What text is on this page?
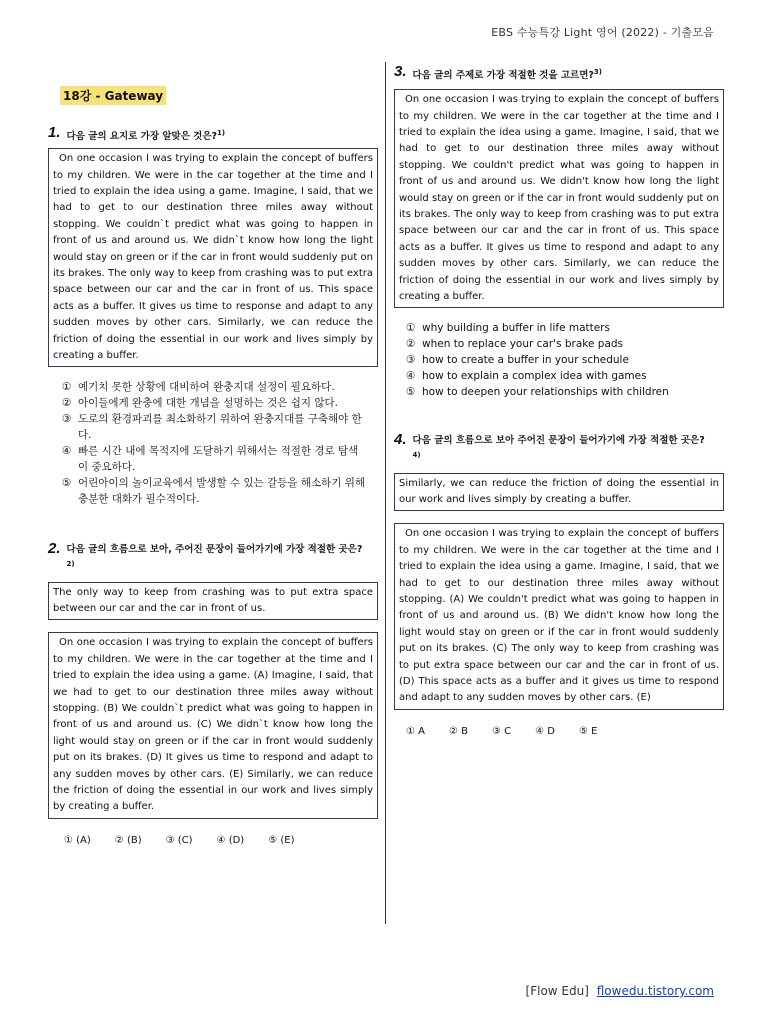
EBS 수능특강 Light 영어 (2022) - 기출모음
18강 - Gateway
1. 다음 글의 요지로 가장 알맞은 것은?$^{1)}$
On one occasion I was trying to explain the concept of buffers to my children. We were in the car together at the time and I tried to explain the idea using a game. Imagine, I said, that we had to get to our destination three miles away without stopping. We couldn`t predict what was going to happen in front of us and around us. We didn`t know how long the light would stay on green or if the car in front would suddenly put on its brakes. The only way to keep from crashing was to put extra space between our car and the car in front of us. This space acts as a buffer. It gives us time to response and adapt to any sudden moves by other cars. Similarly, we can reduce the friction of doing the essential in our work and lives simply by creating a buffer.
① 예기치 못한 상황에 대비하여 완충지대 설정이 필요하다.
② 아이들에게 완충에 대한 개념을 설명하는 것은 쉽지 않다.
③ 도로의 환경파괴를 최소화하기 위하여 완충지대를 구축해야 한다.
④ 빠른 시간 내에 목적지에 도달하기 위해서는 적절한 경로 탐색이 중요하다.
⑤ 어린아이의 놀이교육에서 발생할 수 있는 갈등을 해소하기 위해 충분한 대화가 필수적이다.
2. 다음 글의 흐름으로 보아, 주어진 문장이 들어가기에 가장 적절한 곳은?$^{2)}$
The only way to keep from crashing was to put extra space between our car and the car in front of us.
On one occasion I was trying to explain the concept of buffers to my children. We were in the car together at the time and I tried to explain the idea using a game. (A) Imagine, I said, that we had to get to our destination three miles away without stopping. (B) We couldn`t predict what was going to happen in front of us and around us. (C) We didn`t know how long the light would stay on green or if the car in front would suddenly put on its brakes. (D) It gives us time to respond and adapt to any sudden moves by other cars. (E) Similarly, we can reduce the friction of doing the essential in our work and lives simply by creating a buffer.
① (A) ② (B) ③ (C) ④ (D) ⑤ (E)
3. 다음 글의 주제로 가장 적절한 것을 고르면?$^{3)}$
On one occasion I was trying to explain the concept of buffers to my children. We were in the car together at the time and I tried to explain the idea using a game. Imagine, I said, that we had to get to our destination three miles away without stopping. We couldn't predict what was going to happen in front of us and around us. We didn't know how long the light would stay on green or if the car in front would suddenly put on its brakes. The only way to keep from crashing was to put extra space between our car and the car in front of us. This space acts as a buffer. It gives us time to respond and adapt to any sudden moves by other cars. Similarly, we can reduce the friction of doing the essential in our work and lives simply by creating a buffer.
① why building a buffer in life matters
② when to replace your car's brake pads
③ how to create a buffer in your schedule
④ how to explain a complex idea with games
⑤ how to deepen your relationships with children
4. 다음 글의 흐름으로 보아 주어진 문장이 들어가기에 가장 적절한 곳은?$^{4)}$
Similarly, we can reduce the friction of doing the essential in our work and lives simply by creating a buffer.
On one occasion I was trying to explain the concept of buffers to my children. We were in the car together at the time and I tried to explain the idea using a game. Imagine, I said, that we had to get to our destination three miles away without stopping. (A) We couldn't predict what was going to happen in front of us and around us. (B) We didn't know how long the light would stay on green or if the car in front would suddenly put on its brakes. (C) The only way to keep from crashing was to put extra space between our car and the car in front of us. (D) This space acts as a buffer and it gives us time to respond and adapt to any sudden moves by other cars. (E)
① A ② B ③ C ④ D ⑤ E
[Flow Edu] flowedu.tistory.com
